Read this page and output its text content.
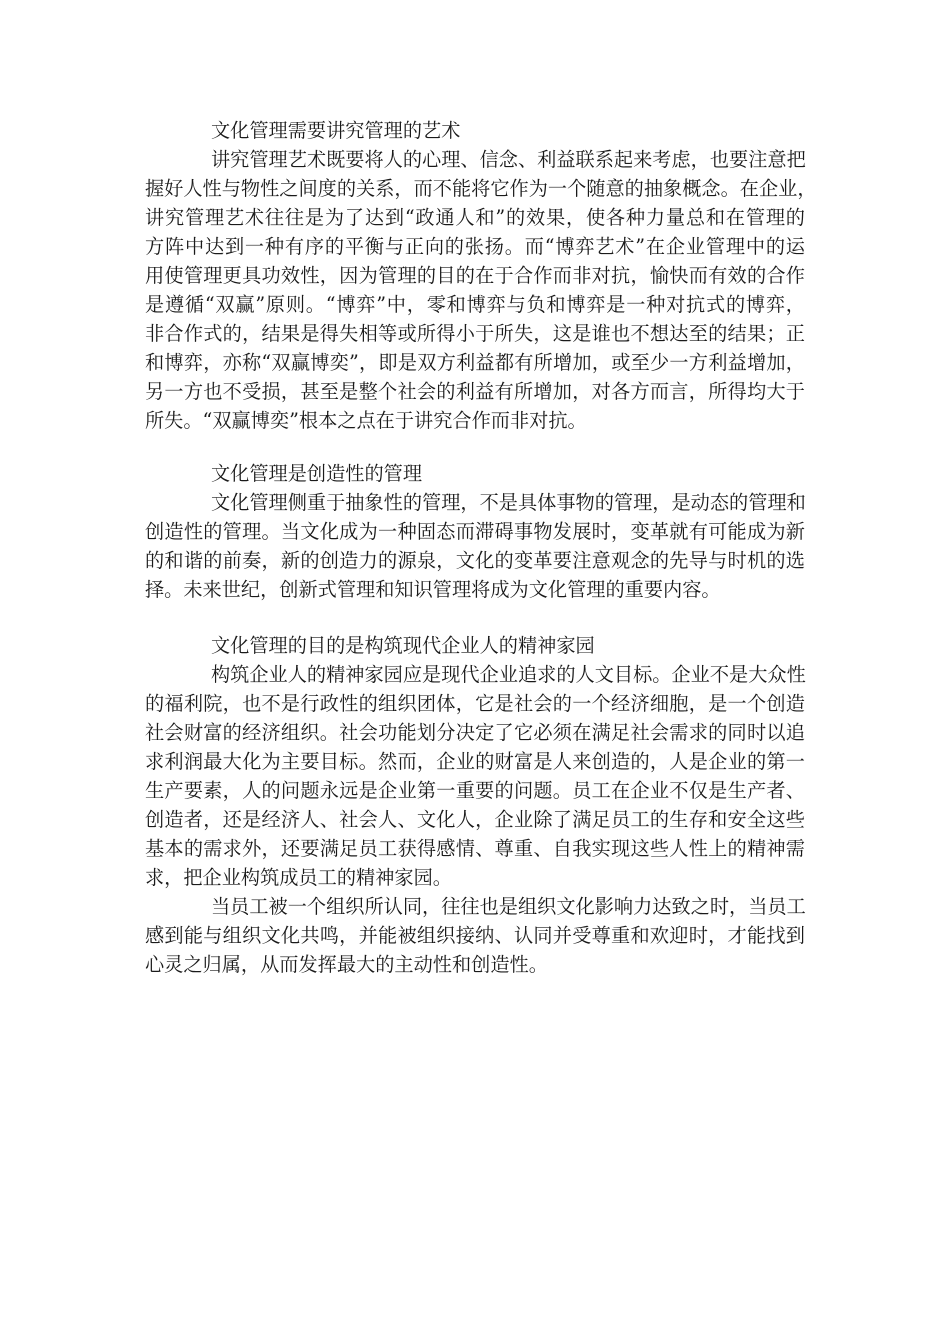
文化管理需要讲究管理的艺术
讲究管理艺术既要将人的心理、信念、利益联系起来考虑，也要注意把
握好人性与物性之间度的关系，而不能将它作为一个随意的抽象概念。在企业，
讲究管理艺术往往是为了达到“政通人和”的效果，使各种力量总和在管理的
方阵中达到一种有序的平衡与正向的张扬。而“博弈艺术”在企业管理中的运
用使管理更具功效性，因为管理的目的在于合作而非对抗，愉快而有效的合作
是遵循“双赢”原则。“博弈”中，零和博弈与负和博弈是一种对抗式的博弈，
非合作式的，结果是得失相等或所得小于所失，这是谁也不想达至的结果；正
和博弈，亦称“双赢博奕”，即是双方利益都有所增加，或至少一方利益增加，
另一方也不受损，甚至是整个社会的利益有所增加，对各方而言，所得均大于
所失。“双赢博奕”根本之点在于讲究合作而非对抗。
文化管理是创造性的管理
文化管理侧重于抽象性的管理，不是具体事物的管理，是动态的管理和
创造性的管理。当文化成为一种固态而滞碍事物发展时，变革就有可能成为新
的和谐的前奏，新的创造力的源泉，文化的变革要注意观念的先导与时机的选
择。未来世纪，创新式管理和知识管理将成为文化管理的重要内容。
文化管理的目的是构筑现代企业人的精神家园
构筑企业人的精神家园应是现代企业追求的人文目标。企业不是大众性
的福利院，也不是行政性的组织团体，它是社会的一个经济细胞，是一个创造
社会财富的经济组织。社会功能划分决定了它必须在满足社会需求的同时以追
求利润最大化为主要目标。然而，企业的财富是人来创造的，人是企业的第一
生产要素，人的问题永远是企业第一重要的问题。员工在企业不仅是生产者、
创造者，还是经济人、社会人、文化人，企业除了满足员工的生存和安全这些
基本的需求外，还要满足员工获得感情、尊重、自我实现这些人性上的精神需
求，把企业构筑成员工的精神家园。
当员工被一个组织所认同，往往也是组织文化影响力达致之时，当员工
感到能与组织文化共鸣，并能被组织接纳、认同并受尊重和欢迎时，才能找到
心灵之归属，从而发挥最大的主动性和创造性。
